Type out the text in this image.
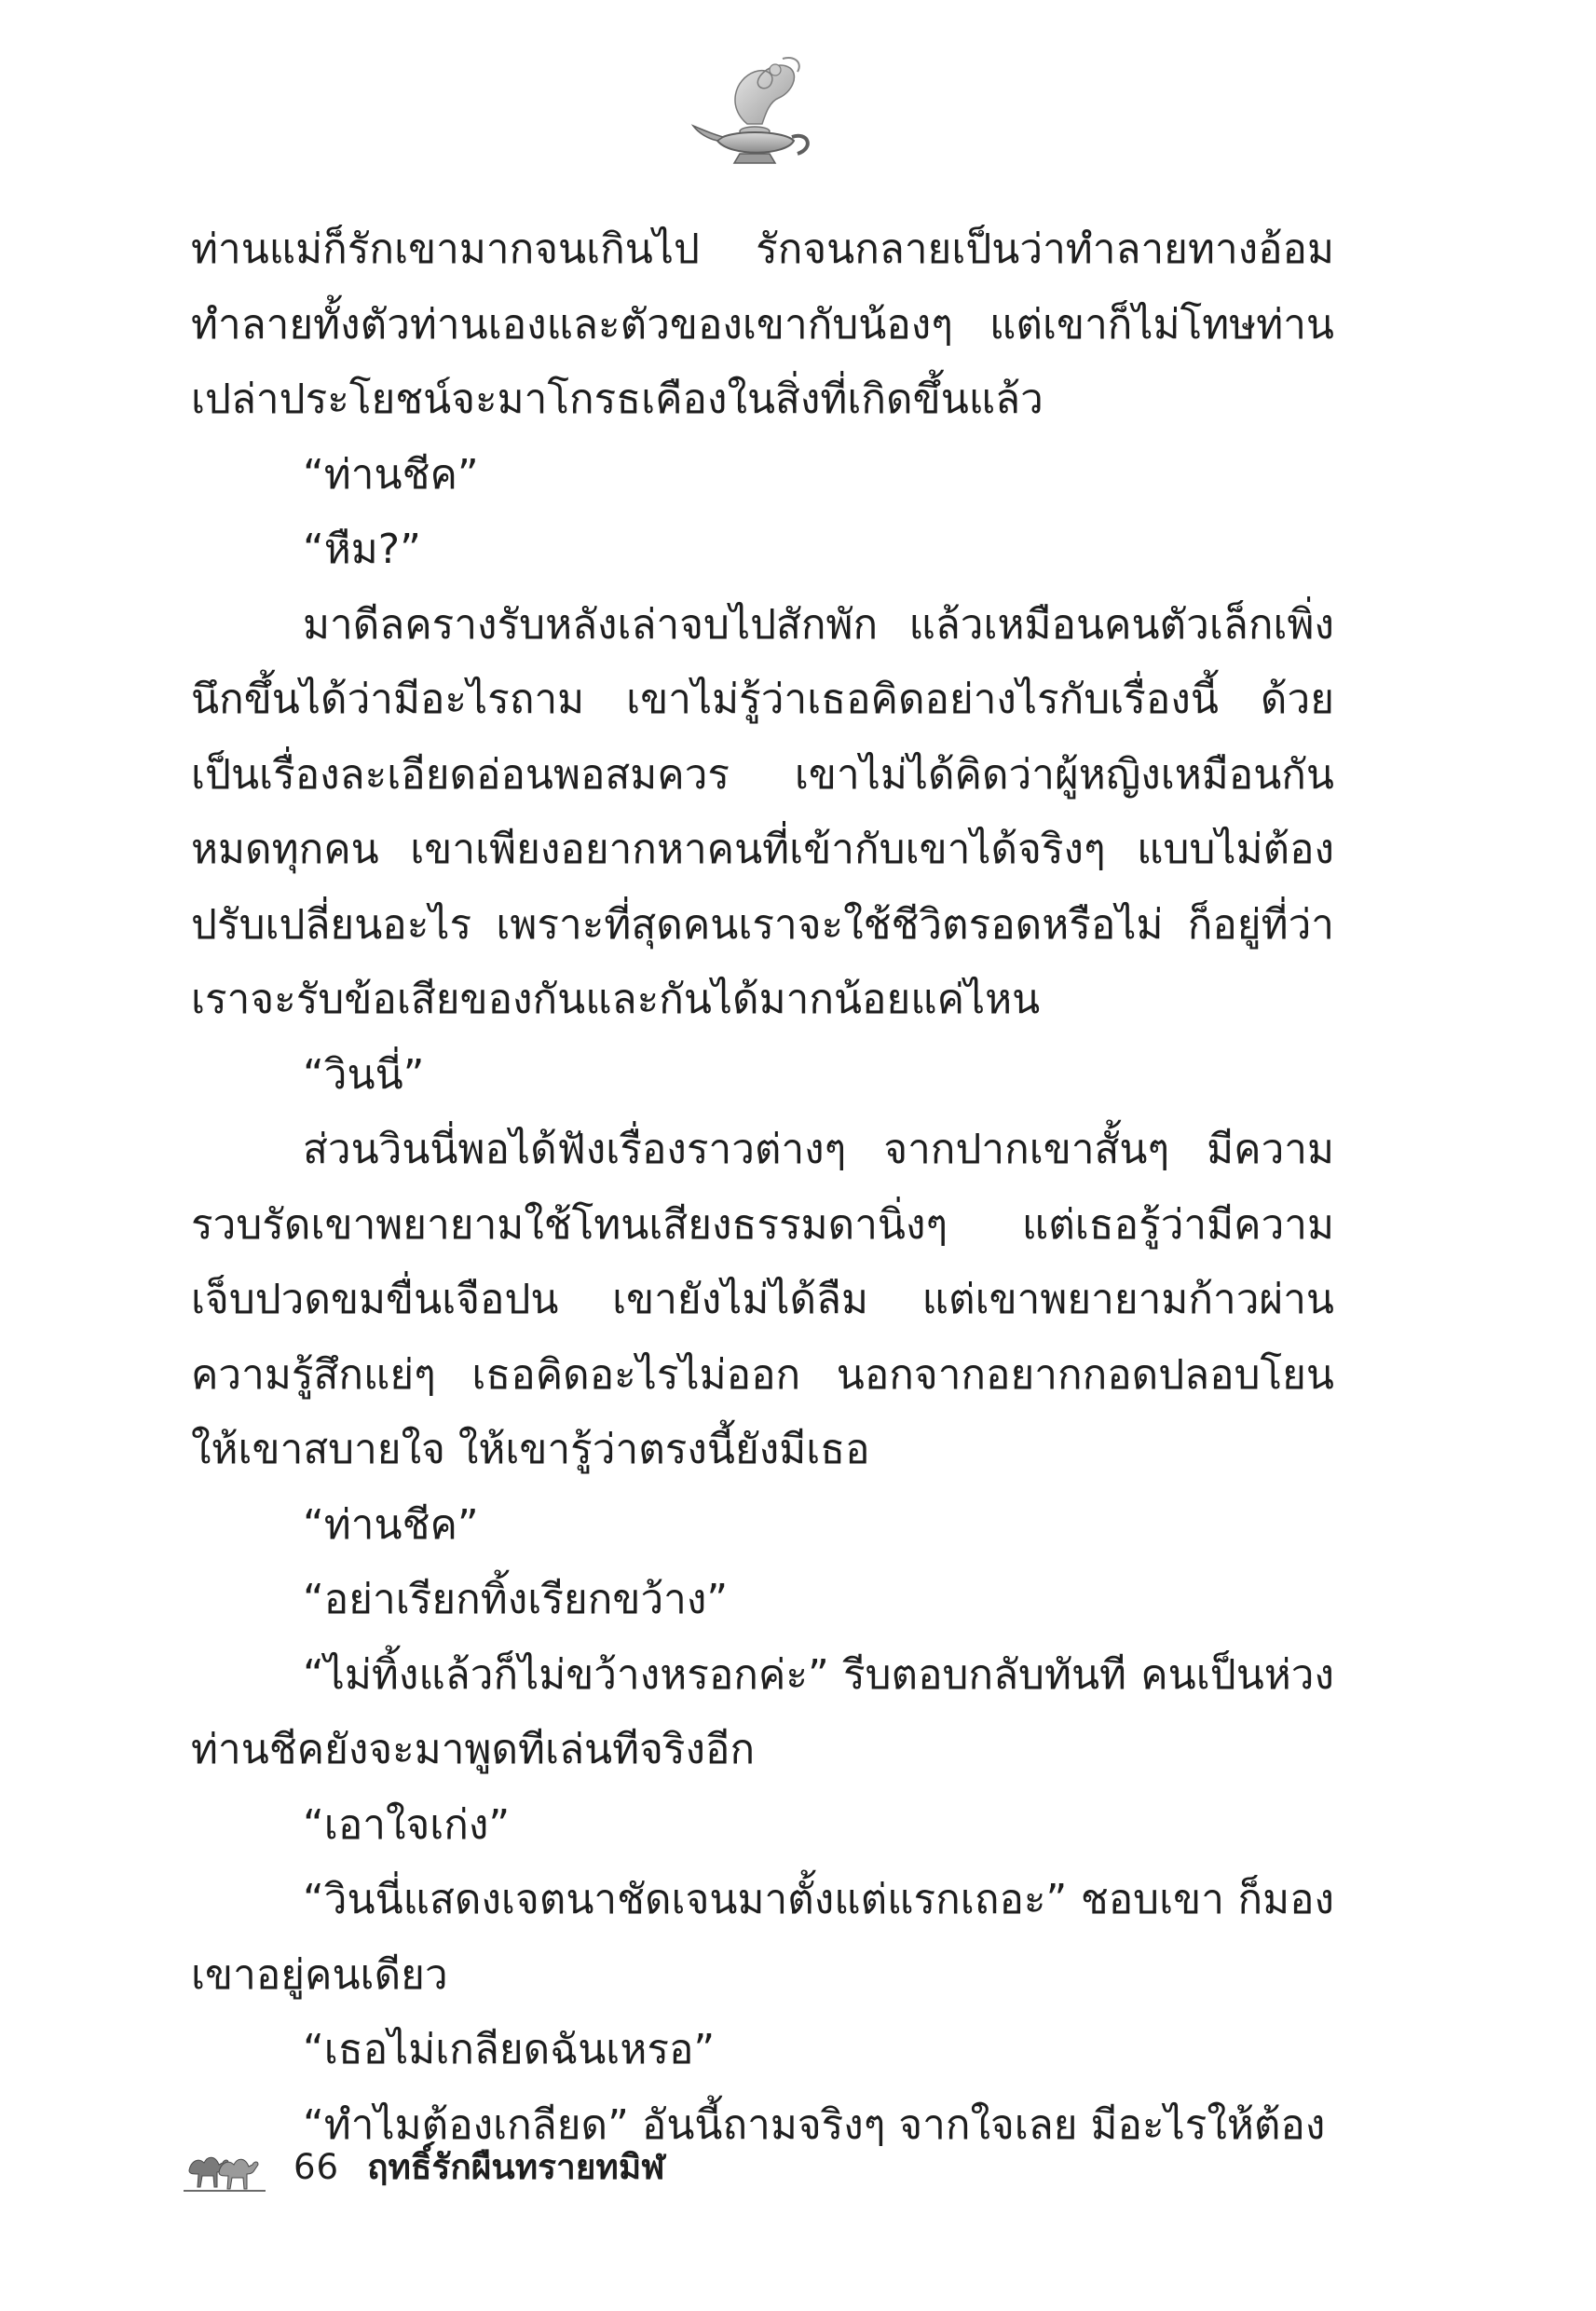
ท่านแม่ก็รักเขามากจนเกินไป รักจนกลายเป็นว่าทำลายทางอ้อม ทำลายทั้งตัวท่านเองและตัวของเขากับน้องๆ แต่เขาก็ไม่โทษท่าน เปล่าประโยชน์จะมาโกรธเคืองในสิ่งที่เกิดขึ้นแล้ว

“ท่านชีค”

“หืม?”

มาดีลครางรับหลังเล่าจบไปสักพัก แล้วเหมือนคนตัวเล็กเพิ่งนึกขึ้นได้ว่ามีอะไรถาม เขาไม่รู้ว่าเธอคิดอย่างไรกับเรื่องนี้ ด้วยเป็นเรื่องละเอียดอ่อนพอสมควร เขาไม่ได้คิดว่าผู้หญิงเหมือนกันหมดทุกคน เขาเพียงอยากหาคนที่เข้ากับเขาได้จริงๆ แบบไม่ต้องปรับเปลี่ยนอะไร เพราะที่สุดคนเราจะใช้ชีวิตรอดหรือไม่ ก็อยู่ที่ว่าเราจะรับข้อเสียของกันและกันได้มากน้อยแค่ไหน

“วินนี่”

ส่วนวินนี่พอได้ฟังเรื่องราวต่างๆ จากปากเขาสั้นๆ มีความรวบรัดเขาพยายามใช้โทนเสียงธรรมดานิ่งๆ แต่เธอรู้ว่ามีความเจ็บปวดขมขื่นเจือปน เขายังไม่ได้ลืม แต่เขาพยายามก้าวผ่านความรู้สึกแย่ๆ เธอคิดอะไรไม่ออก นอกจากอยากกอดปลอบโยนให้เขาสบายใจ ให้เขารู้ว่าตรงนี้ยังมีเธอ

“ท่านชีค”

“อย่าเรียกทิ้งเรียกขว้าง”

“ไม่ทิ้งแล้วก็ไม่ขว้างหรอกค่ะ” รีบตอบกลับทันที คนเป็นห่วงท่านชีคยังจะมาพูดทีเล่นทีจริงอีก

“เอาใจเก่ง”

“วินนี่แสดงเจตนาชัดเจนมาตั้งแต่แรกเถอะ” ชอบเขา ก็มองเขาอยู่คนเดียว

“เธอไม่เกลียดฉันเหรอ”

“ทำไมต้องเกลียด” อันนี้ถามจริงๆ จากใจเลย มีอะไรให้ต้อง

66 ฤทธิ์รักผืนทรายทมิฬ
